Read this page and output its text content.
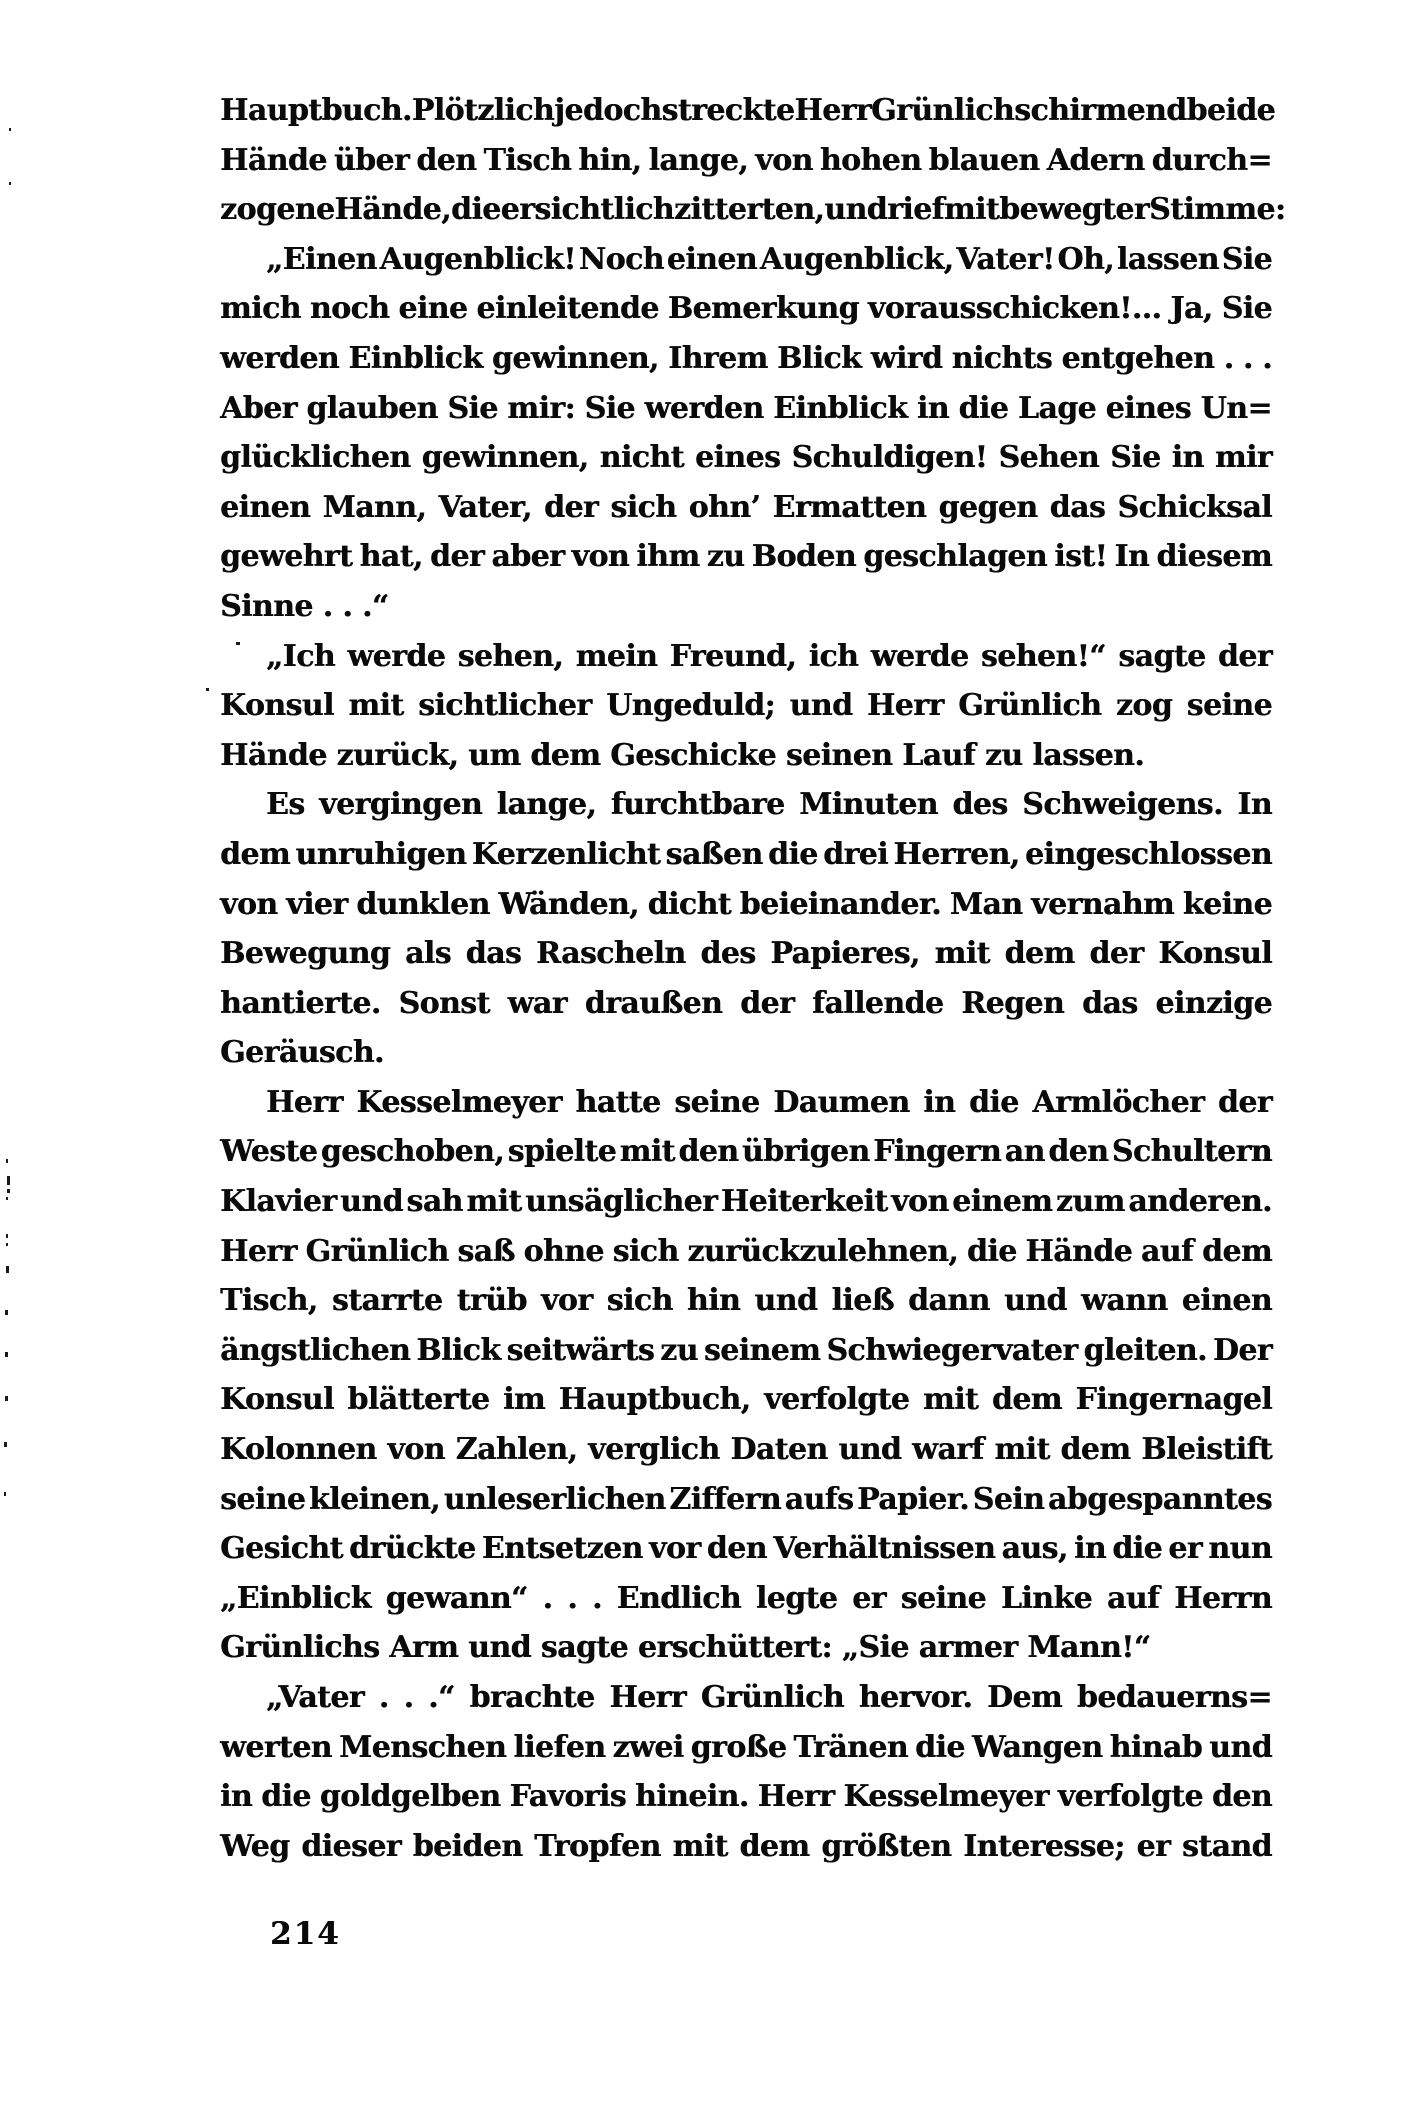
Hauptbuch. Plötzlich jedoch streckte Herr Grünlich schirmend beide
Hände über den Tisch hin, lange, von hohen blauen Adern durch=
zogene Hände, die ersichtlich zitterten, und rief mit bewegter Stimme:
„Einen Augenblick! Noch einen Augenblick, Vater! Oh, lassen Sie
mich noch eine einleitende Bemerkung vorausschicken!... Ja, Sie
werden Einblick gewinnen, Ihrem Blick wird nichts entgehen . . .
Aber glauben Sie mir: Sie werden Einblick in die Lage eines Un=
glücklichen gewinnen, nicht eines Schuldigen! Sehen Sie in mir
einen Mann, Vater, der sich ohn’ Ermatten gegen das Schicksal
gewehrt hat, der aber von ihm zu Boden geschlagen ist! In diesem
Sinne . . .“
„Ich werde sehen, mein Freund, ich werde sehen!“ sagte der
Konsul mit sichtlicher Ungeduld; und Herr Grünlich zog seine
Hände zurück, um dem Geschicke seinen Lauf zu lassen.
Es vergingen lange, furchtbare Minuten des Schweigens. In
dem unruhigen Kerzenlicht saßen die drei Herren, eingeschlossen
von vier dunklen Wänden, dicht beieinander. Man vernahm keine
Bewegung als das Rascheln des Papieres, mit dem der Konsul
hantierte. Sonst war draußen der fallende Regen das einzige
Geräusch.
Herr Kesselmeyer hatte seine Daumen in die Armlöcher der
Weste geschoben, spielte mit den übrigen Fingern an den Schultern
Klavier und sah mit unsäglicher Heiterkeit von einem zum anderen.
Herr Grünlich saß ohne sich zurückzulehnen, die Hände auf dem
Tisch, starrte trüb vor sich hin und ließ dann und wann einen
ängstlichen Blick seitwärts zu seinem Schwiegervater gleiten. Der
Konsul blätterte im Hauptbuch, verfolgte mit dem Fingernagel
Kolonnen von Zahlen, verglich Daten und warf mit dem Bleistift
seine kleinen, unleserlichen Ziffern aufs Papier. Sein abgespanntes
Gesicht drückte Entsetzen vor den Verhältnissen aus, in die er nun
„Einblick gewann“ . . . Endlich legte er seine Linke auf Herrn
Grünlichs Arm und sagte erschüttert: „Sie armer Mann!“
„Vater . . .“ brachte Herr Grünlich hervor. Dem bedauerns=
werten Menschen liefen zwei große Tränen die Wangen hinab und
in die goldgelben Favoris hinein. Herr Kesselmeyer verfolgte den
Weg dieser beiden Tropfen mit dem größten Interesse; er stand
214
